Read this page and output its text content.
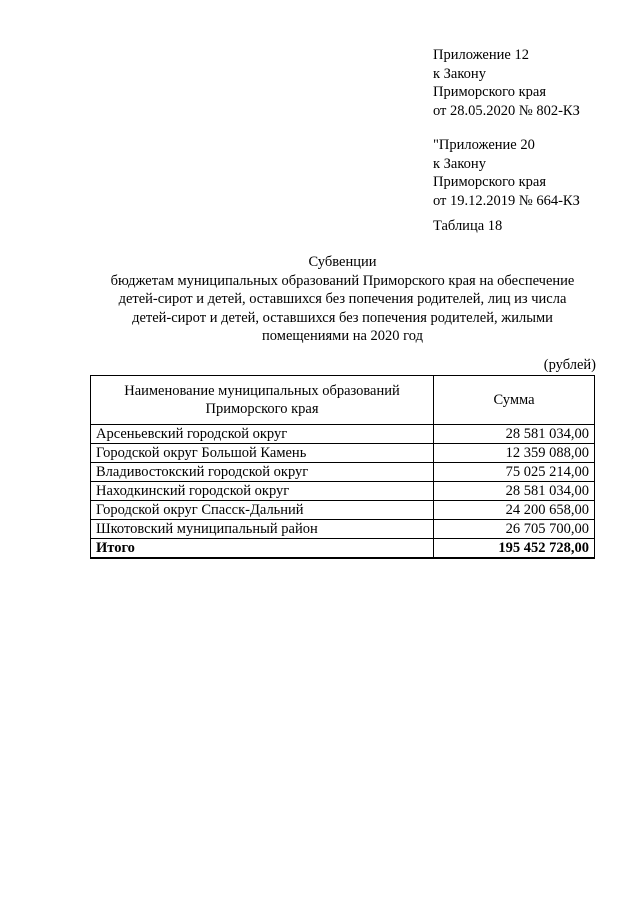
Приложение 12
к Закону
Приморского края
от 28.05.2020 № 802-КЗ
"Приложение 20
к Закону
Приморского края
от 19.12.2019 № 664-КЗ
Таблица 18
Субвенции
бюджетам муниципальных образований Приморского края на обеспечение
детей-сирот и детей, оставшихся без попечения родителей, лиц из числа
детей-сирот и детей, оставшихся без попечения родителей, жилыми
помещениями на 2020 год
(рублей)
Наименование муниципальных образований
Приморского края	Сумма
Арсеньевский городской округ	28 581 034,00
Городской округ Большой Камень	12 359 088,00
Владивостокский городской округ	75 025 214,00
Находкинский городской округ	28 581 034,00
Городской округ Спасск-Дальний	24 200 658,00
Шкотовский муниципальный район	26 705 700,00
Итого	195 452 728,00
